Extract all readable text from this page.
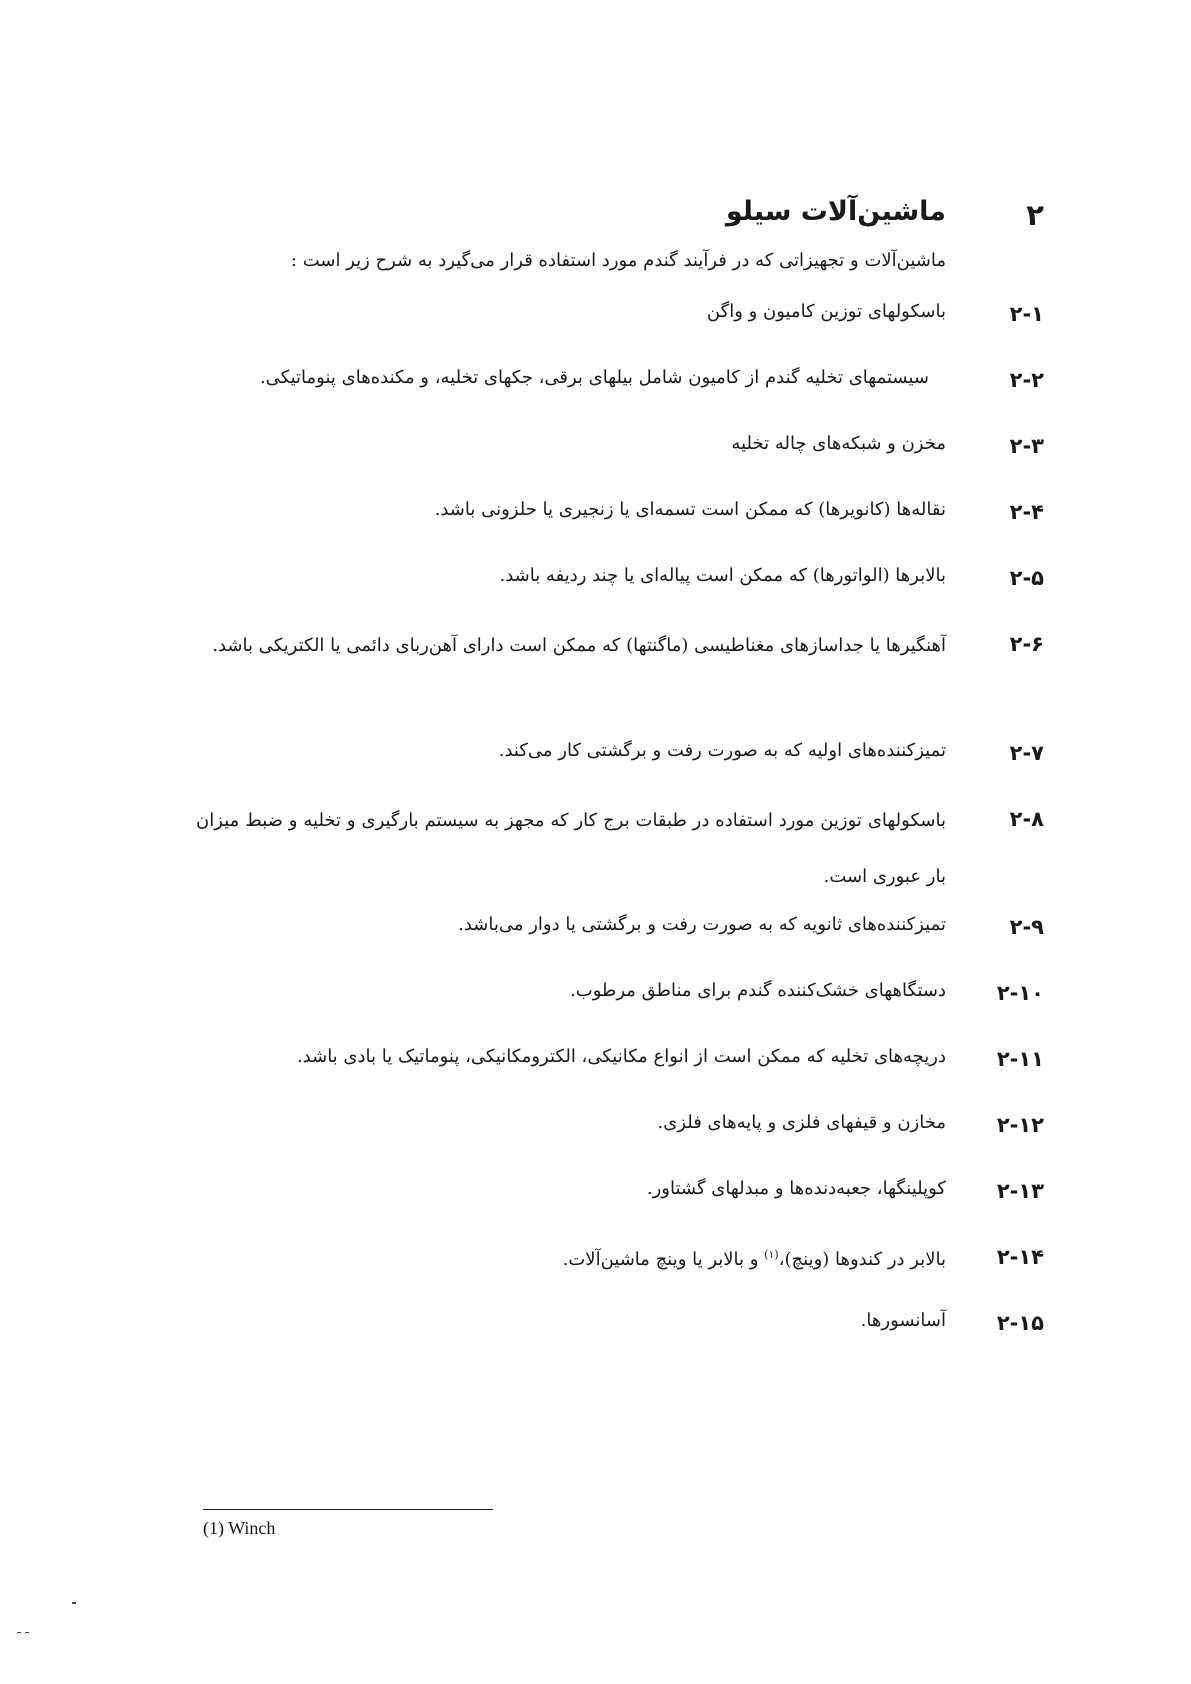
۲
ماشین‌آلات سیلو
ماشین‌آلات و تجهیزاتی که در فرآیند گندم مورد استفاده قرار می‌گیرد به شرح زیر است :
۲-۱
باسکولهای توزین کامیون و واگن
۲-۲
سیستمهای تخلیه گندم از کامیون شامل بیلهای برقی، جکهای تخلیه، و مکنده‌های پنوماتیکی.
۲-۳
مخزن و شبکه‌های چاله تخلیه
۲-۴
نقاله‌ها (کانویرها) که ممکن است تسمه‌ای یا زنجیری یا حلزونی باشد.
۲-۵
بالابرها (الواتورها) که ممکن است پیاله‌ای یا چند ردیفه باشد.
۲-۶
آهنگیرها یا جداسازهای مغناطیسی (ماگنتها) که ممکن است دارای آهن‌ربای دائمی یا الکتریکی باشد.
۲-۷
تمیزکننده‌های اولیه که به صورت رفت و برگشتی کار می‌کند.
۲-۸
باسکولهای توزین مورد استفاده در طبقات برج کار که مجهز به سیستم بارگیری و تخلیه و ضبط میزان بار عبوری است.
۲-۹
تمیزکننده‌های ثانویه که به صورت رفت و برگشتی یا دوار می‌باشد.
۲-۱۰
دستگاههای خشک‌کننده گندم برای مناطق مرطوب.
۲-۱۱
دریچه‌های تخلیه که ممکن است از انواع مکانیکی، الکترومکانیکی، پنوماتیک یا بادی باشد.
۲-۱۲
مخازن و قیفهای فلزی و پایه‌های فلزی.
۲-۱۳
کوپلینگها، جعبه‌دنده‌ها و مبدلهای گشتاور.
۲-۱۴
بالابر در کندوها (وینچ)،$^{(۱)}$ و بالابر یا وینچ ماشین‌آلات.
۲-۱۵
آسانسورها.
(1) Winch
